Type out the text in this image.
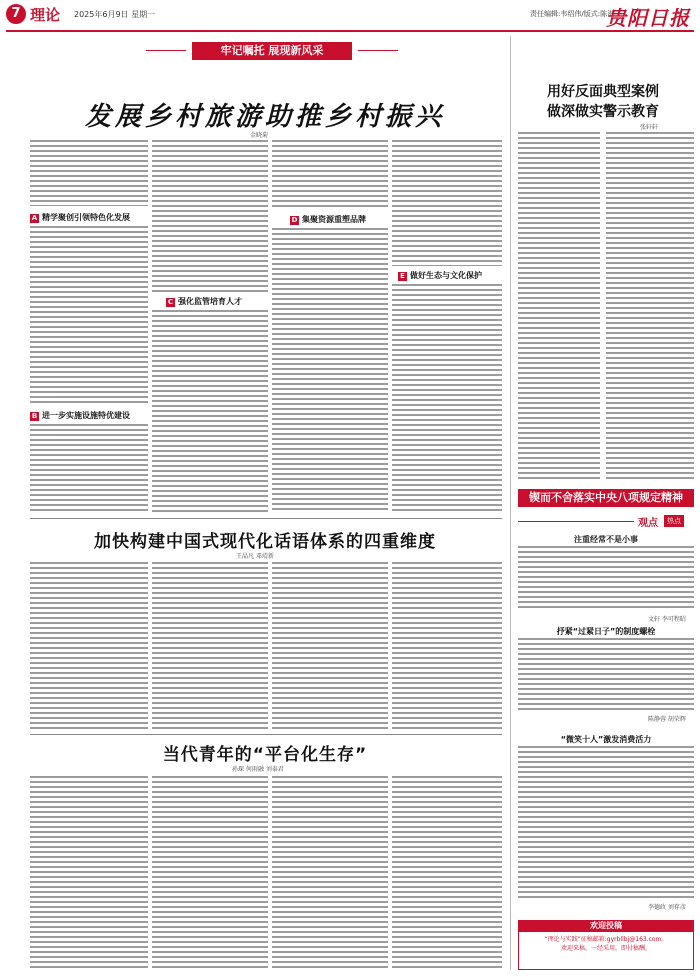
7 理论 2025年6月9日 星期一	责任编辑:韦绍伟/版式:陈滋
贵阳日报
牢记嘱托 展现新风采
发展乡村旅游助推乡村振兴
金晓菊
A 精学聚创引领特色化发展
B 进一步实施设施特优建设
C 强化监管培育人才
D 集聚资源重塑品牌
E 做好生态与文化保护
加快构建中国式现代化话语体系的四重维度
王晶凡 邓靖新
当代青年的“平台化生存”
孙琛 何雨融 刘泰君
用好反面典型案例
做深做实警示教育
张轩轩
锲而不舍落实中央八项规定精神
观点	热点
注重经常不是小事
文轩 李可程昭
抒紧“过紧日子”的制度螺栓
陈静蓉 胡荣辉
“微笑十人”激发消费活力
李德政 刘存彦
欢迎投稿
“理论与实践”征稿邮箱:gyrbllbj@163.com。
欢迎来稿，一经采用，即付稿酬。
